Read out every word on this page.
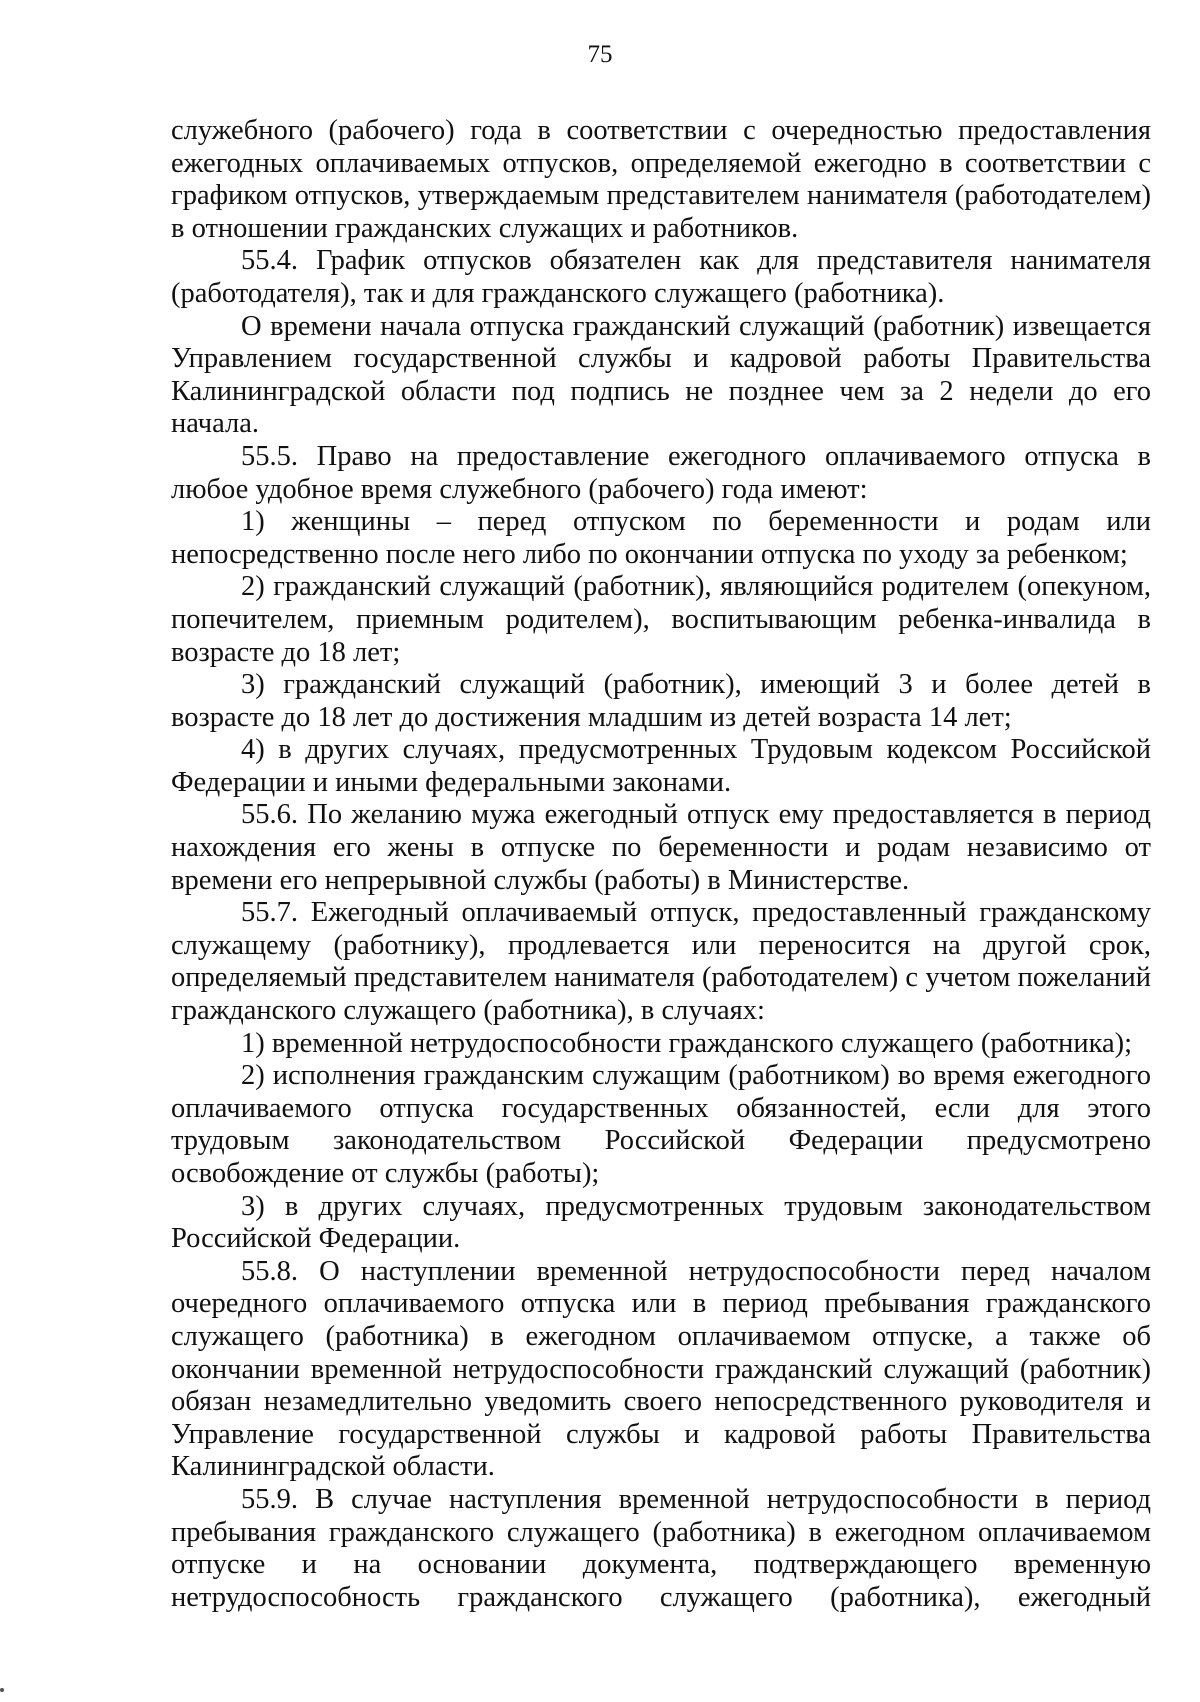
75

служебного (рабочего) года в соответствии с очередностью предоставления ежегодных оплачиваемых отпусков, определяемой ежегодно в соответствии с графиком отпусков, утверждаемым представителем нанимателя (работодателем) в отношении гражданских служащих и работников.

55.4. График отпусков обязателен как для представителя нанимателя (работодателя), так и для гражданского служащего (работника).

О времени начала отпуска гражданский служащий (работник) извещается Управлением государственной службы и кадровой работы Правительства Калининградской области под подпись не позднее чем за 2 недели до его начала.

55.5. Право на предоставление ежегодного оплачиваемого отпуска в любое удобное время служебного (рабочего) года имеют:

1) женщины – перед отпуском по беременности и родам или непосредственно после него либо по окончании отпуска по уходу за ребенком;

2) гражданский служащий (работник), являющийся родителем (опекуном, попечителем, приемным родителем), воспитывающим ребенка-инвалида в возрасте до 18 лет;

3) гражданский служащий (работник), имеющий 3 и более детей в возрасте до 18 лет до достижения младшим из детей возраста 14 лет;

4) в других случаях, предусмотренных Трудовым кодексом Российской Федерации и иными федеральными законами.

55.6. По желанию мужа ежегодный отпуск ему предоставляется в период нахождения его жены в отпуске по беременности и родам независимо от времени его непрерывной службы (работы) в Министерстве.

55.7. Ежегодный оплачиваемый отпуск, предоставленный гражданскому служащему (работнику), продлевается или переносится на другой срок, определяемый представителем нанимателя (работодателем) с учетом пожеланий гражданского служащего (работника), в случаях:

1) временной нетрудоспособности гражданского служащего (работника);

2) исполнения гражданским служащим (работником) во время ежегодного оплачиваемого отпуска государственных обязанностей, если для этого трудовым законодательством Российской Федерации предусмотрено освобождение от службы (работы);

3) в других случаях, предусмотренных трудовым законодательством Российской Федерации.

55.8. О наступлении временной нетрудоспособности перед началом очередного оплачиваемого отпуска или в период пребывания гражданского служащего (работника) в ежегодном оплачиваемом отпуске, а также об окончании временной нетрудоспособности гражданский служащий (работник) обязан незамедлительно уведомить своего непосредственного руководителя и Управление государственной службы и кадровой работы Правительства Калининградской области.

55.9. В случае наступления временной нетрудоспособности в период пребывания гражданского служащего (работника) в ежегодном оплачиваемом отпуске и на основании документа, подтверждающего временную нетрудоспособность гражданского служащего (работника), ежегодный
